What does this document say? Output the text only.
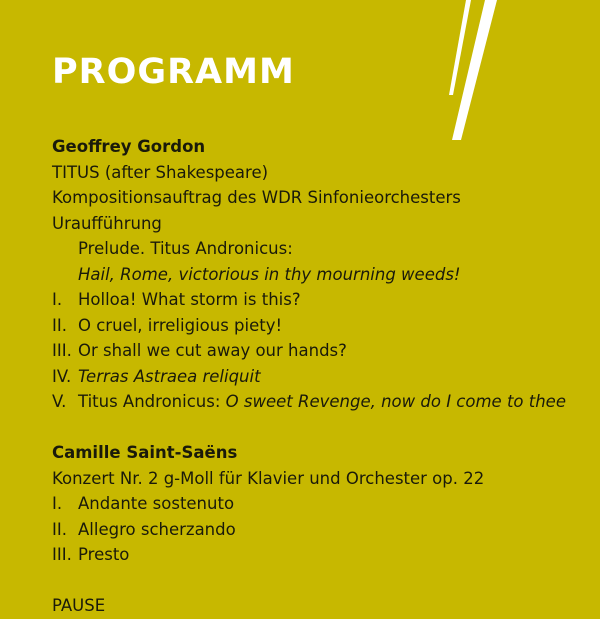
PROGRAMM
Geoffrey Gordon
TITUS (after Shakespeare)
Kompositionsauftrag des WDR Sinfonieorchesters
Uraufführung
Prelude. Titus Andronicus:
Hail, Rome, victorious in thy mourning weeds!
I. Holloa! What storm is this?
II. O cruel, irreligious piety!
III. Or shall we cut away our hands?
IV. Terras Astraea reliquit
V. Titus Andronicus: O sweet Revenge, now do I come to thee
Camille Saint-Saëns
Konzert Nr. 2 g-Moll für Klavier und Orchester op. 22
I. Andante sostenuto
II. Allegro scherzando
III. Presto
PAUSE
